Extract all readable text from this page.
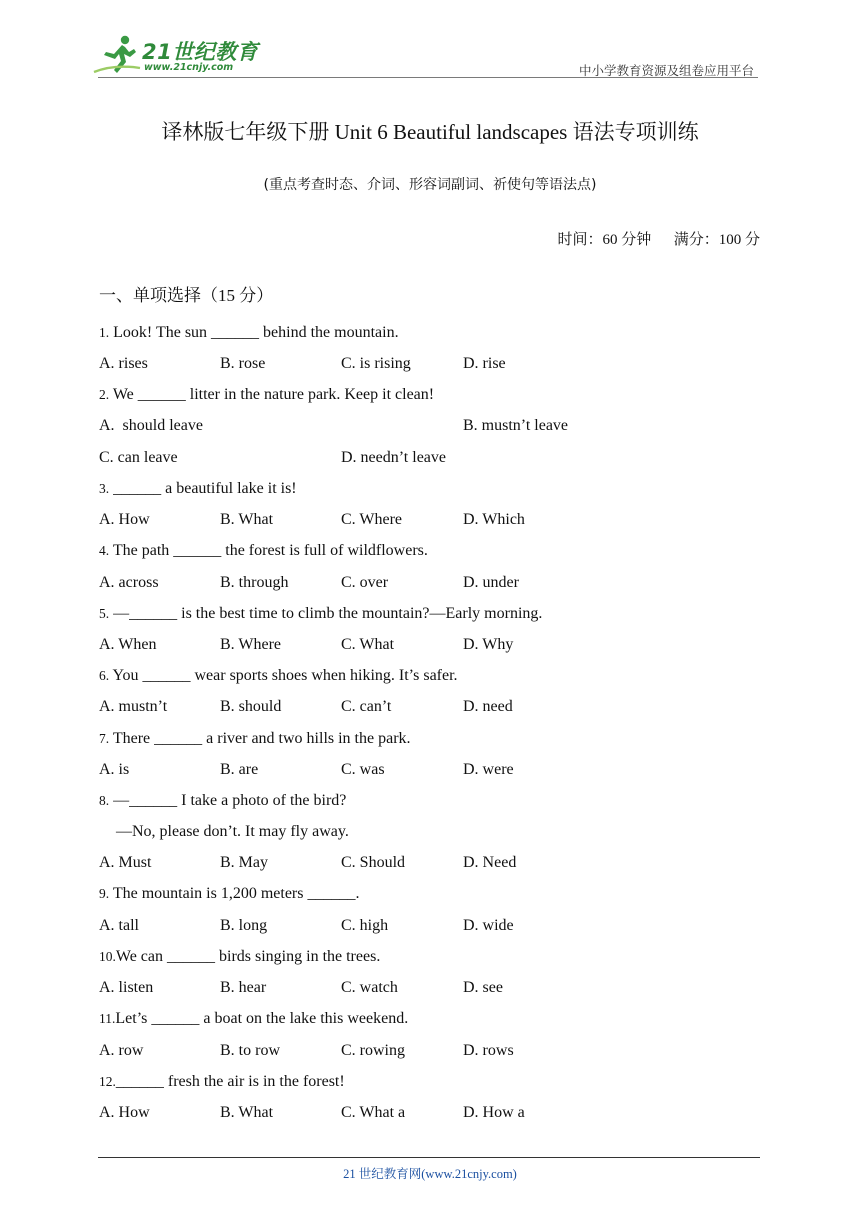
21世纪教育
www.21cnjy.com	中小学教育资源及组卷应用平台
译林版七年级下册 Unit 6 Beautiful landscapes 语法专项训练
(重点考查时态、介词、形容词副词、祈使句等语法点)
时间：60 分钟 满分：100 分
一、单项选择（15 分）
1. Look! The sun ______ behind the mountain.
A. rises	B. rose	C. is rising	D. rise
2. We ______ litter in the nature park. Keep it clean!
A.  should leave	B. mustn’t leave
C. can leave	D. needn’t leave
3. ______ a beautiful lake it is!
A. How	B. What	C. Where	D. Which
4. The path ______ the forest is full of wildflowers.
A. across	B. through	C. over	D. under
5. —______ is the best time to climb the mountain?—Early morning.
A. When	B. Where	C. What	D. Why
6. You ______ wear sports shoes when hiking. It’s safer.
A. mustn’t	B. should	C. can’t	D. need
7. There ______ a river and two hills in the park.
A. is	B. are	C. was	D. were
8. —______ I take a photo of the bird?
—No, please don’t. It may fly away.
A. Must	B. May	C. Should	D. Need
9. The mountain is 1,200 meters ______.
A. tall	B. long	C. high	D. wide
10.We can ______ birds singing in the trees.
A. listen	B. hear	C. watch	D. see
11.Let’s ______ a boat on the lake this weekend.
A. row	B. to row	C. rowing	D. rows
12.______ fresh the air is in the forest!
A. How	B. What	C. What a	D. How a
21 世纪教育网(www.21cnjy.com)
